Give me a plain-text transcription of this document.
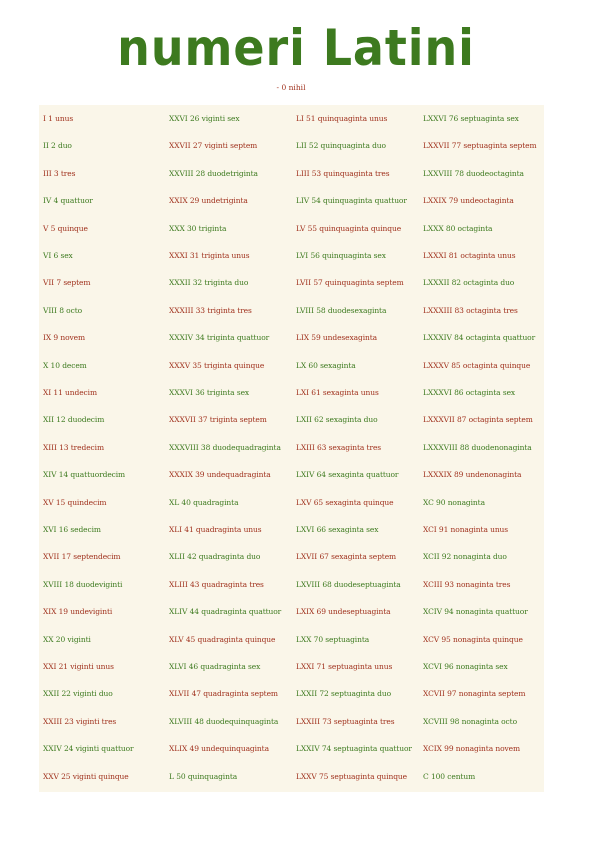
numeri Latini
- 0 nihil
I 1 unus
II 2 duo
III 3 tres
IV 4 quattuor
V 5 quinque
VI 6 sex
VII 7 septem
VIII 8 octo
IX 9 novem
X 10 decem
XI 11 undecim
XII 12 duodecim
XIII 13 tredecim
XIV 14 quattuordecim
XV 15 quindecim
XVI 16 sedecim
XVII 17 septendecim
XVIII 18 duodeviginti
XIX 19 undeviginti
XX 20 viginti
XXI 21 viginti unus
XXII 22 viginti duo
XXIII 23 viginti tres
XXIV 24 viginti quattuor
XXV 25 viginti quinque
XXVI 26 viginti sex
XXVII 27 viginti septem
XXVIII 28 duodetriginta
XXIX 29 undetriginta
XXX 30 triginta
XXXI 31 triginta unus
XXXII 32 triginta duo
XXXIII 33 triginta tres
XXXIV 34 triginta quattuor
XXXV 35 triginta quinque
XXXVI 36 triginta sex
XXXVII 37 triginta septem
XXXVIII 38 duodequadraginta
XXXIX 39 undequadraginta
XL 40 quadraginta
XLI 41 quadraginta unus
XLII 42 quadraginta duo
XLIII 43 quadraginta tres
XLIV 44 quadraginta quattuor
XLV 45 quadraginta quinque
XLVI 46 quadraginta sex
XLVII 47 quadraginta septem
XLVIII 48 duodequinquaginta
XLIX 49 undequinquaginta
L 50 quinquaginta
LI 51 quinquaginta unus
LII 52 quinquaginta duo
LIII 53 quinquaginta tres
LIV 54 quinquaginta quattuor
LV 55 quinquaginta quinque
LVI 56 quinquaginta sex
LVII 57 quinquaginta septem
LVIII 58 duodesexaginta
LIX 59 undesexaginta
LX 60 sexaginta
LXI 61 sexaginta unus
LXII 62 sexaginta duo
LXIII 63 sexaginta tres
LXIV 64 sexaginta quattuor
LXV 65 sexaginta quinque
LXVI 66 sexaginta sex
LXVII 67 sexaginta septem
LXVIII 68 duodeseptuaginta
LXIX 69 undeseptuaginta
LXX 70 septuaginta
LXXI 71 septuaginta unus
LXXII 72 septuaginta duo
LXXIII 73 septuaginta tres
LXXIV 74 septuaginta quattuor
LXXV 75 septuaginta quinque
LXXVI 76 septuaginta sex
LXXVII 77 septuaginta septem
LXXVIII 78 duodeoctaginta
LXXIX 79 undeoctaginta
LXXX 80 octaginta
LXXXI 81 octaginta unus
LXXXII 82 octaginta duo
LXXXIII 83 octaginta tres
LXXXIV 84 octaginta quattuor
LXXXV 85 octaginta quinque
LXXXVI 86 octaginta sex
LXXXVII 87 octaginta septem
LXXXVIII 88 duodenonaginta
LXXXIX 89 undenonaginta
XC 90 nonaginta
XCI 91 nonaginta unus
XCII 92 nonaginta duo
XCIII 93 nonaginta tres
XCIV 94 nonaginta quattuor
XCV 95 nonaginta quinque
XCVI 96 nonaginta sex
XCVII 97 nonaginta septem
XCVIII 98 nonaginta octo
XCIX 99 nonaginta novem
C 100 centum
